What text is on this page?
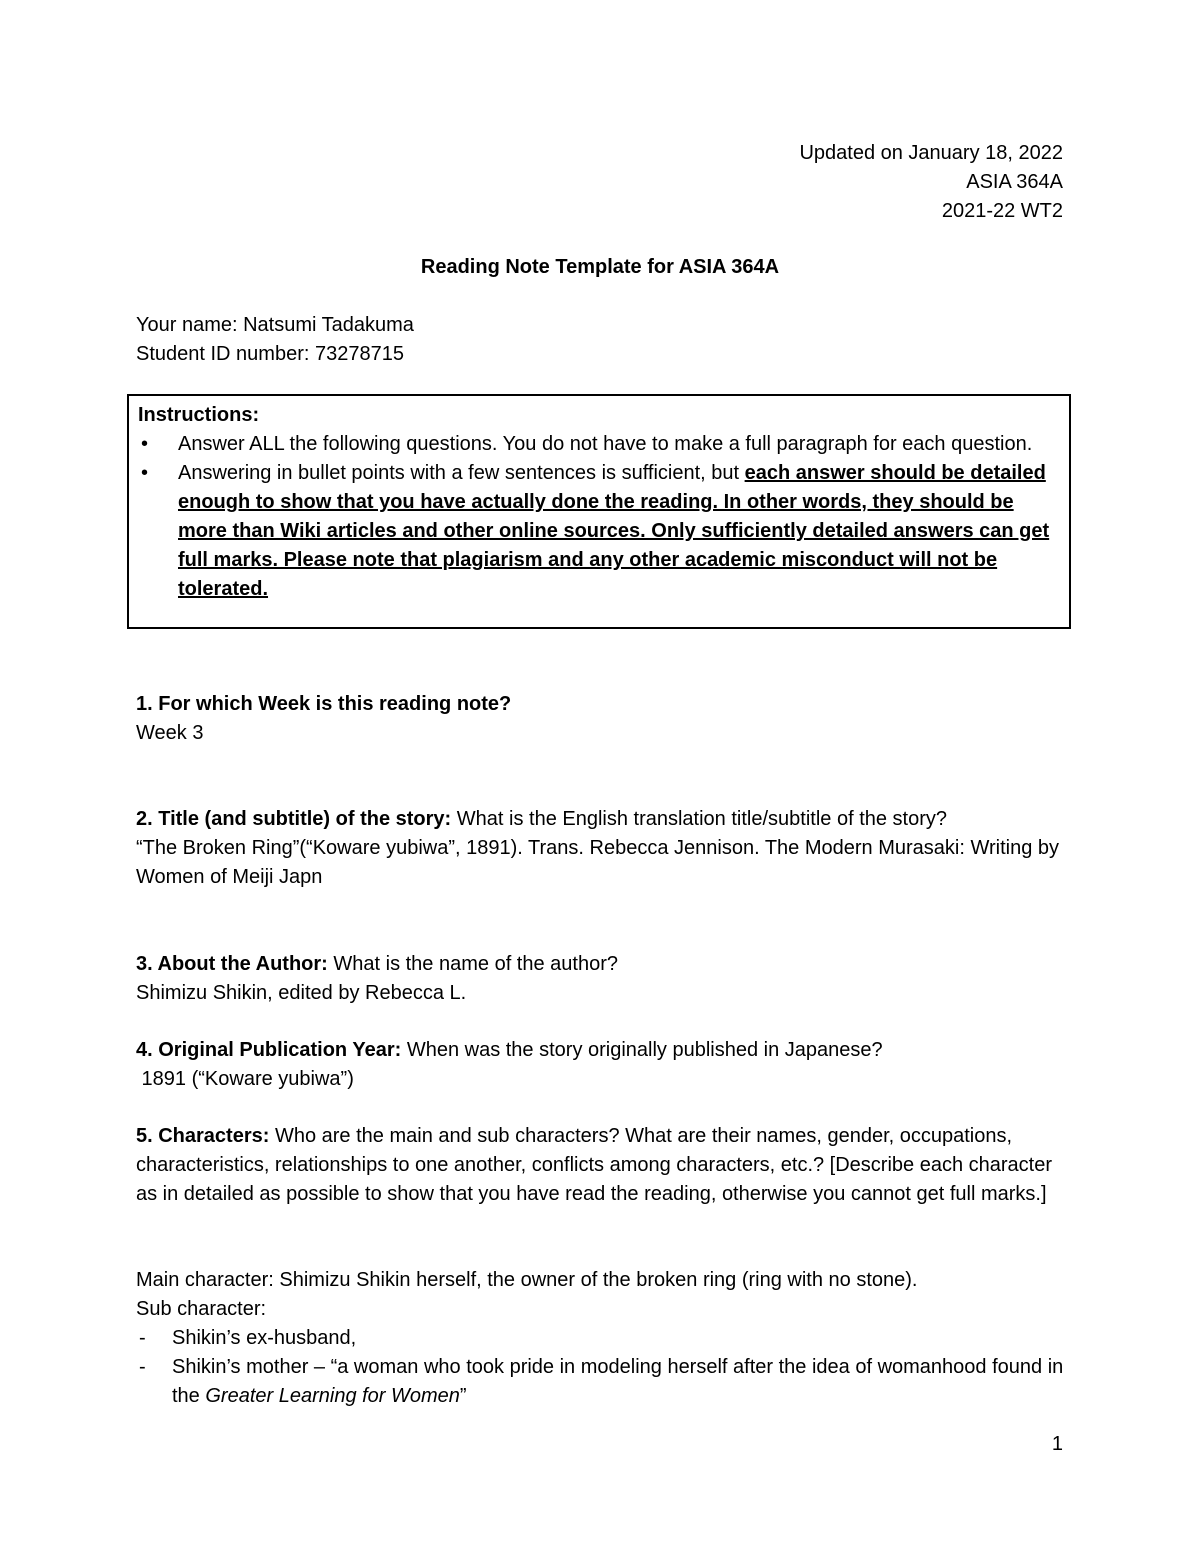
Updated on January 18, 2022
ASIA 364A
2021-22 WT2
Reading Note Template for ASIA 364A
Your name: Natsumi Tadakuma
Student ID number: 73278715
Instructions:
•	Answer ALL the following questions. You do not have to make a full paragraph for each question.
•	Answering in bullet points with a few sentences is sufficient, but each answer should be detailed enough to show that you have actually done the reading. In other words, they should be more than Wiki articles and other online sources. Only sufficiently detailed answers can get full marks. Please note that plagiarism and any other academic misconduct will not be tolerated.
1. For which Week is this reading note?
Week 3
2. Title (and subtitle) of the story: What is the English translation title/subtitle of the story?
“The Broken Ring”(“Koware yubiwa”, 1891). Trans. Rebecca Jennison. The Modern Murasaki: Writing by Women of Meiji Japn
3. About the Author: What is the name of the author?
Shimizu Shikin, edited by Rebecca L.
4. Original Publication Year: When was the story originally published in Japanese?
1891 (“Koware yubiwa”)
5. Characters: Who are the main and sub characters? What are their names, gender, occupations, characteristics, relationships to one another, conflicts among characters, etc.? [Describe each character as in detailed as possible to show that you have read the reading, otherwise you cannot get full marks.]
Main character: Shimizu Shikin herself, the owner of the broken ring (ring with no stone).
Sub character:
-	Shikin’s ex-husband,
-	Shikin’s mother – “a woman who took pride in modeling herself after the idea of womanhood found in the Greater Learning for Women”
1
